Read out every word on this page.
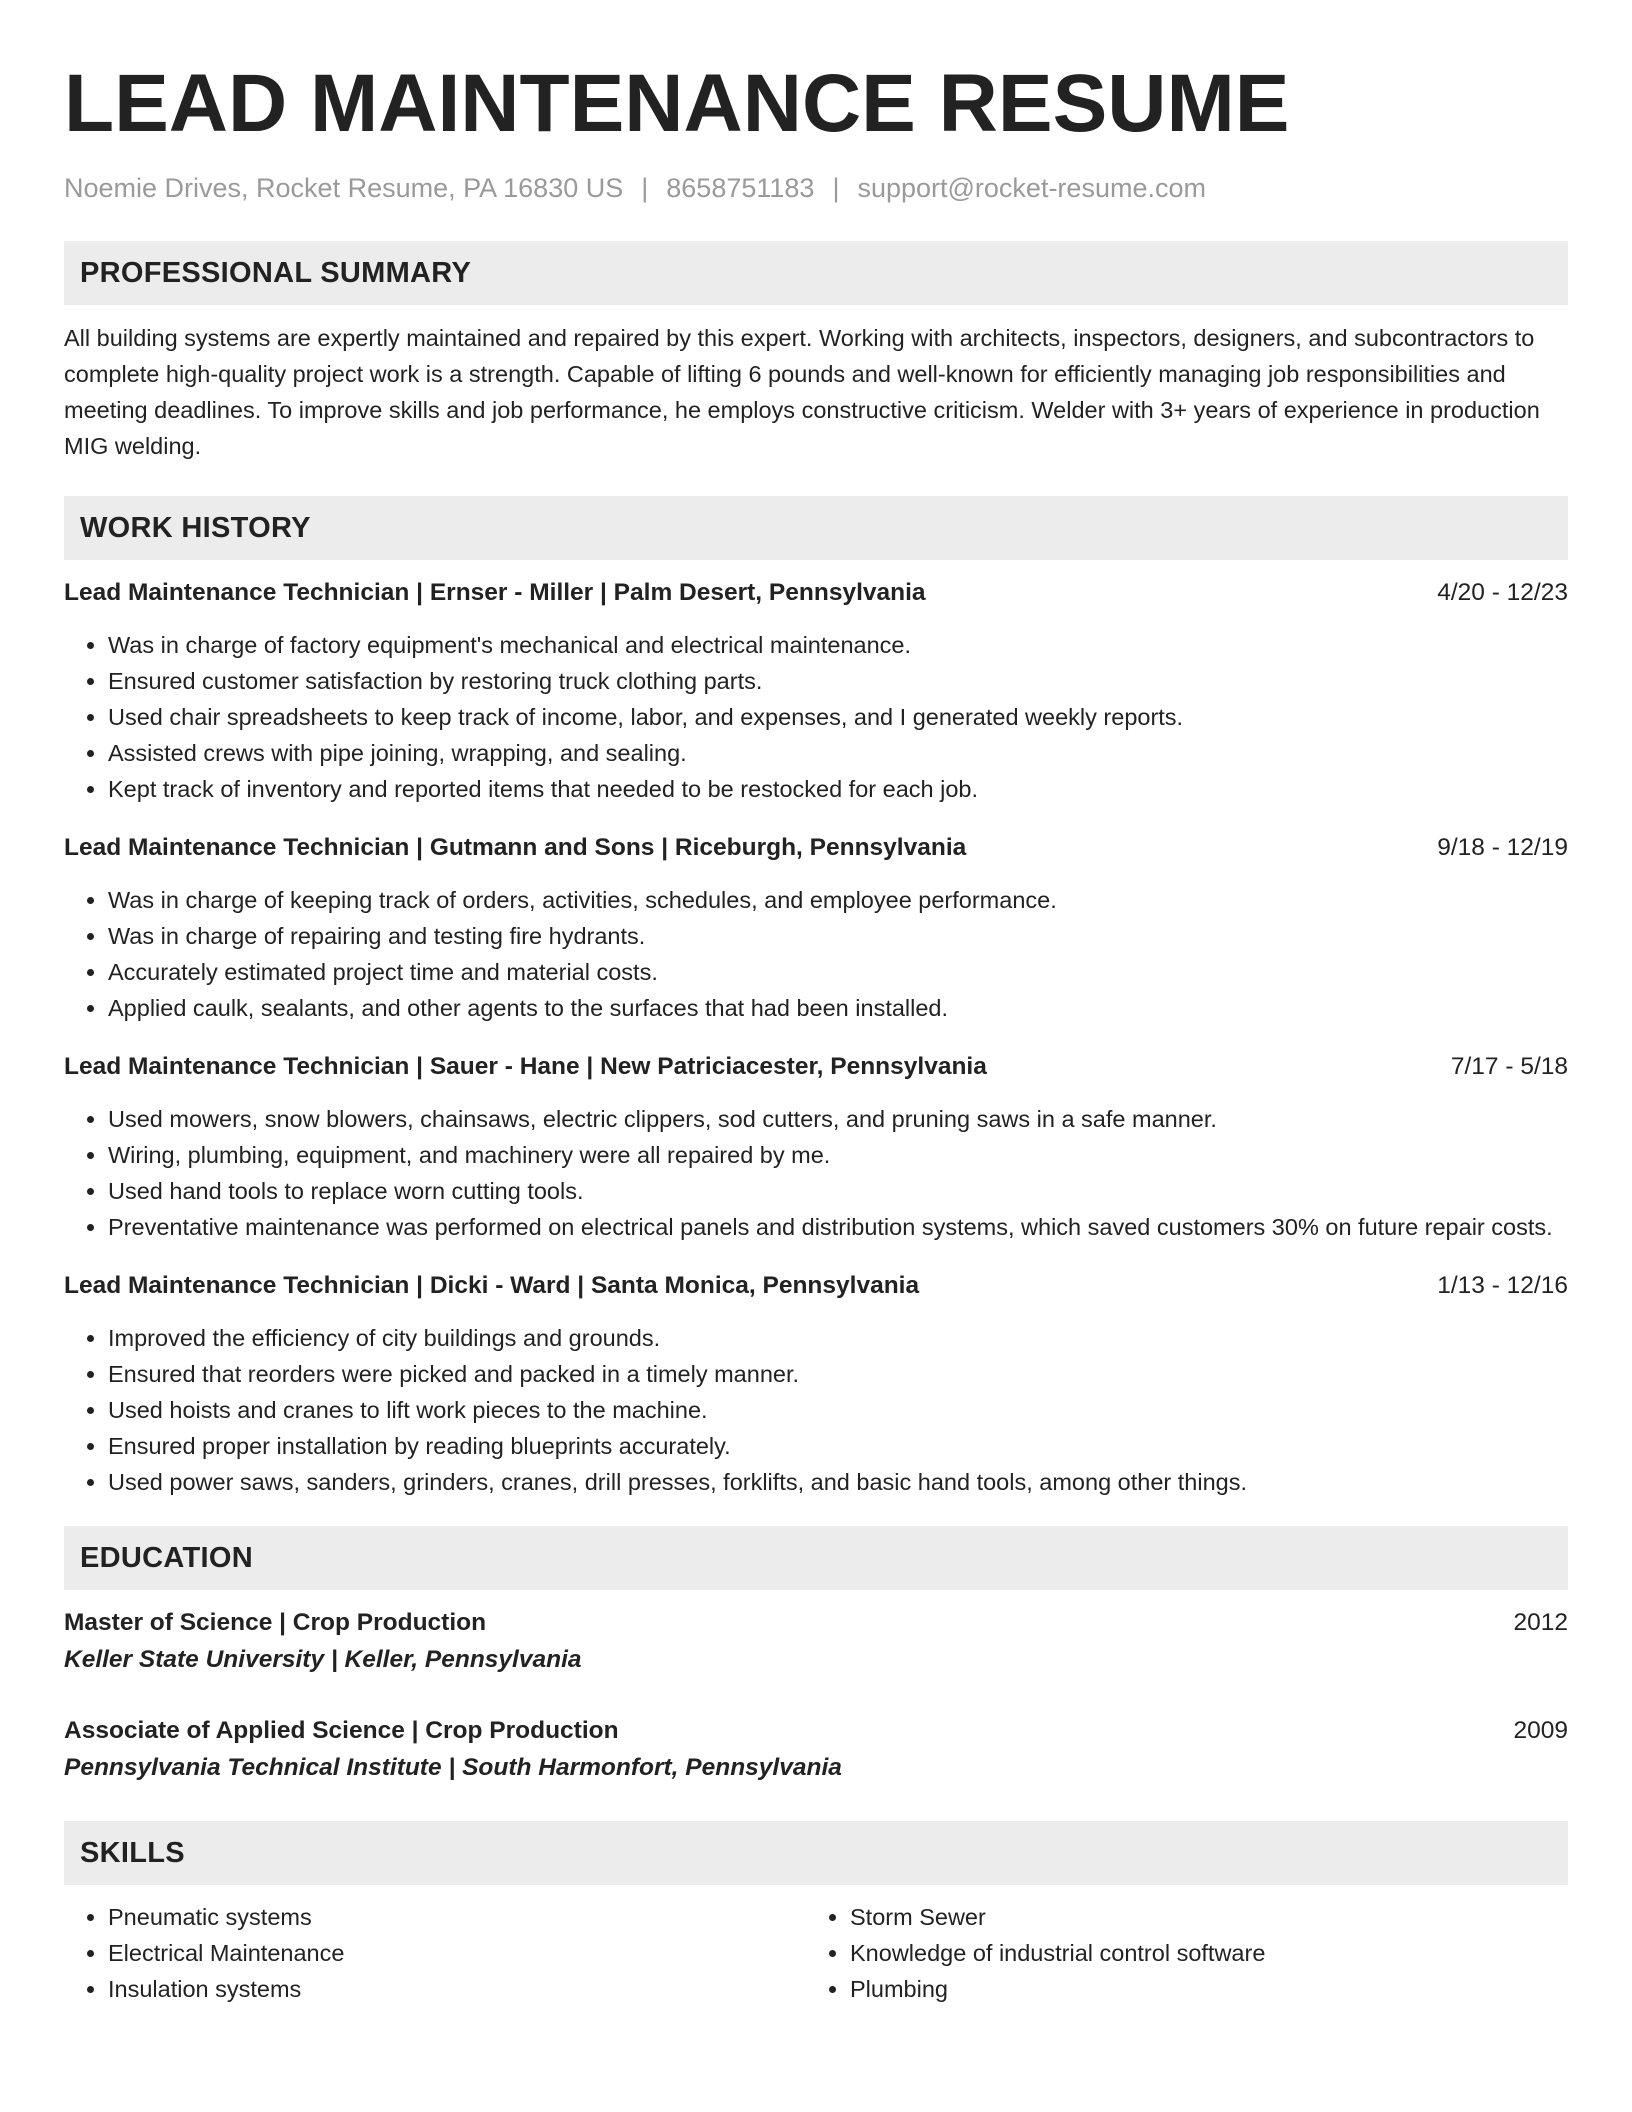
LEAD MAINTENANCE RESUME
Noemie Drives, Rocket Resume, PA 16830 US | 8658751183 | support@rocket-resume.com
PROFESSIONAL SUMMARY

All building systems are expertly maintained and repaired by this expert. Working with architects, inspectors, designers, and subcontractors to complete high-quality project work is a strength. Capable of lifting 6 pounds and well-known for efficiently managing job responsibilities and meeting deadlines. To improve skills and job performance, he employs constructive criticism. Welder with 3+ years of experience in production MIG welding.

WORK HISTORY
Lead Maintenance Technician | Ernser - Miller | Palm Desert, Pennsylvania	4/20 - 12/23
• Was in charge of factory equipment's mechanical and electrical maintenance.
• Ensured customer satisfaction by restoring truck clothing parts.
• Used chair spreadsheets to keep track of income, labor, and expenses, and I generated weekly reports.
• Assisted crews with pipe joining, wrapping, and sealing.
• Kept track of inventory and reported items that needed to be restocked for each job.
Lead Maintenance Technician | Gutmann and Sons | Riceburgh, Pennsylvania	9/18 - 12/19
• Was in charge of keeping track of orders, activities, schedules, and employee performance.
• Was in charge of repairing and testing fire hydrants.
• Accurately estimated project time and material costs.
• Applied caulk, sealants, and other agents to the surfaces that had been installed.
Lead Maintenance Technician | Sauer - Hane | New Patriciacester, Pennsylvania	7/17 - 5/18
• Used mowers, snow blowers, chainsaws, electric clippers, sod cutters, and pruning saws in a safe manner.
• Wiring, plumbing, equipment, and machinery were all repaired by me.
• Used hand tools to replace worn cutting tools.
• Preventative maintenance was performed on electrical panels and distribution systems, which saved customers 30% on future repair costs.
Lead Maintenance Technician | Dicki - Ward | Santa Monica, Pennsylvania	1/13 - 12/16
• Improved the efficiency of city buildings and grounds.
• Ensured that reorders were picked and packed in a timely manner.
• Used hoists and cranes to lift work pieces to the machine.
• Ensured proper installation by reading blueprints accurately.
• Used power saws, sanders, grinders, cranes, drill presses, forklifts, and basic hand tools, among other things.
EDUCATION
Master of Science | Crop Production	2012
Keller State University | Keller, Pennsylvania
Associate of Applied Science | Crop Production	2009
Pennsylvania Technical Institute | South Harmonfort, Pennsylvania
SKILLS
• Pneumatic systems
• Electrical Maintenance
• Insulation systems
• Storm Sewer
• Knowledge of industrial control software
• Plumbing
